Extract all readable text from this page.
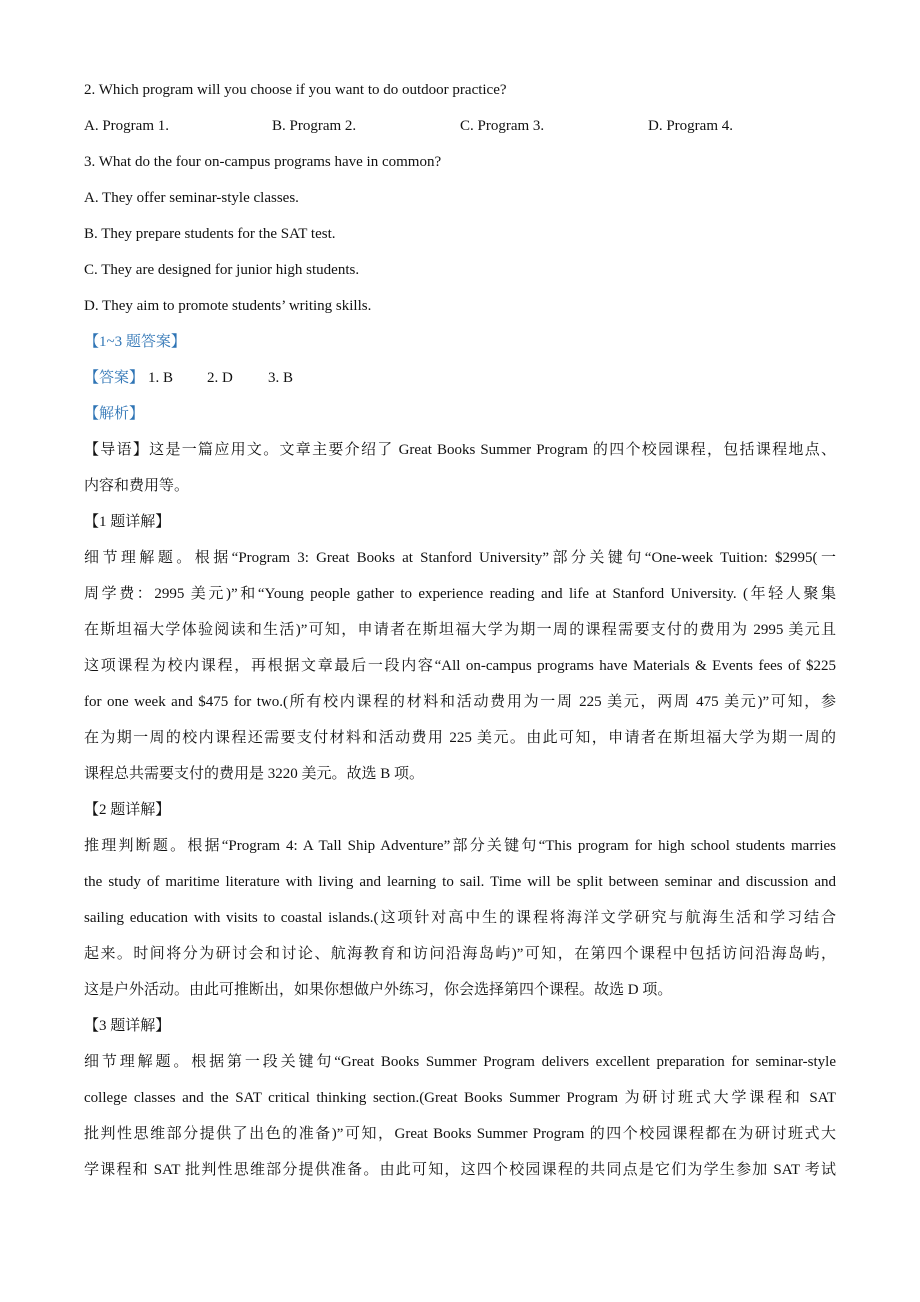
2. Which program will you choose if you want to do outdoor practice?
A. Program 1.	B. Program 2.	C. Program 3.	D. Program 4.
3. What do the four on-campus programs have in common?
A. They offer seminar-style classes.
B. They prepare students for the SAT test.
C. They are designed for junior high students.
D. They aim to promote students’ writing skills.
【1~3 题答案】
【答案】 1. B 2. D 3. B
【解析】
【导语】这是一篇应用文。文章主要介绍了 Great Books Summer Program 的四个校园课程，包括课程地点、
内容和费用等。
【1 题详解】
细节理解题。根据“Program 3: Great Books at Stanford University”部分关键句“One-week Tuition: $2995(一
周学费：2995 美元)”和“Young people gather to experience reading and life at Stanford University. (年轻人聚集
在斯坦福大学体验阅读和生活)”可知，申请者在斯坦福大学为期一周的课程需要支付的费用为 2995 美元且
这项课程为校内课程，再根据文章最后一段内容“All on-campus programs have Materials & Events fees of $225
for one week and $475 for two.(所有校内课程的材料和活动费用为一周 225 美元，两周 475 美元)”可知，参
在为期一周的校内课程还需要支付材料和活动费用 225 美元。由此可知，申请者在斯坦福大学为期一周的
课程总共需要支付的费用是 3220 美元。故选 B 项。
【2 题详解】
推理判断题。根据“Program 4: A Tall Ship Adventure”部分关键句“This program for high school students marries
the study of maritime literature with living and learning to sail. Time will be split between seminar and discussion and
sailing education with visits to coastal islands.(这项针对高中生的课程将海洋文学研究与航海生活和学习结合
起来。时间将分为研讨会和讨论、航海教育和访问沿海岛屿)”可知，在第四个课程中包括访问沿海岛屿，
这是户外活动。由此可推断出，如果你想做户外练习，你会选择第四个课程。故选 D 项。
【3 题详解】
细节理解题。根据第一段关键句“Great Books Summer Program delivers excellent preparation for seminar-style
college classes and the SAT critical thinking section.(Great Books Summer Program 为研讨班式大学课程和 SAT
批判性思维部分提供了出色的准备)”可知，Great Books Summer Program 的四个校园课程都在为研讨班式大
学课程和 SAT 批判性思维部分提供准备。由此可知，这四个校园课程的共同点是它们为学生参加 SAT 考试
